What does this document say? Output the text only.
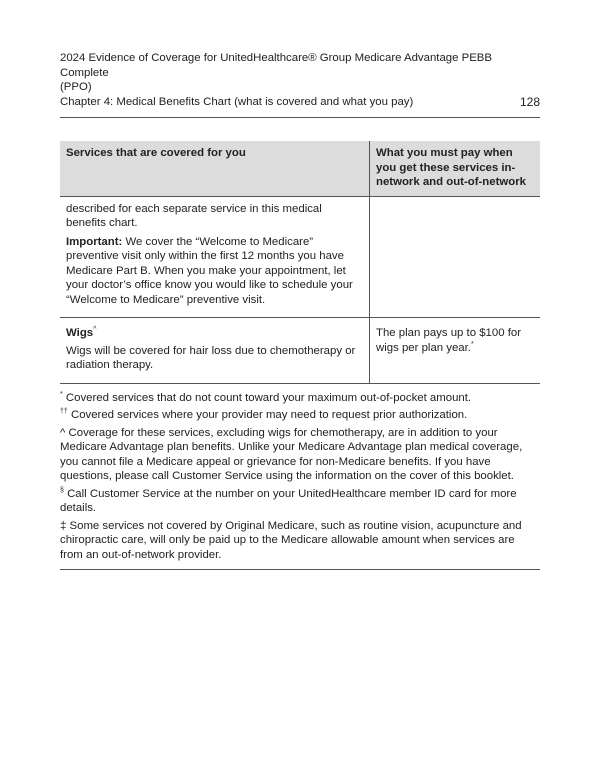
2024 Evidence of Coverage for UnitedHealthcare® Group Medicare Advantage PEBB Complete
(PPO)
Chapter 4: Medical Benefits Chart (what is covered and what you pay)	128
Services that are covered for you	What you must pay when you get these services in-network and out-of-network

described for each separate service in this medical benefits chart.

Important: We cover the “Welcome to Medicare” preventive visit only within the first 12 months you have Medicare Part B. When you make your appointment, let your doctor’s office know you would like to schedule your “Welcome to Medicare” preventive visit.	

Wigs^

Wigs will be covered for hair loss due to chemotherapy or radiation therapy.	The plan pays up to $100 for wigs per plan year.*

* Covered services that do not count toward your maximum out-of-pocket amount.

†† Covered services where your provider may need to request prior authorization.

^ Coverage for these services, excluding wigs for chemotherapy, are in addition to your Medicare Advantage plan benefits. Unlike your Medicare Advantage plan medical coverage, you cannot file a Medicare appeal or grievance for non-Medicare benefits. If you have questions, please call Customer Service using the information on the cover of this booklet.

§ Call Customer Service at the number on your UnitedHealthcare member ID card for more details.

‡ Some services not covered by Original Medicare, such as routine vision, acupuncture and chiropractic care, will only be paid up to the Medicare allowable amount when services are from an out-of-network provider.
